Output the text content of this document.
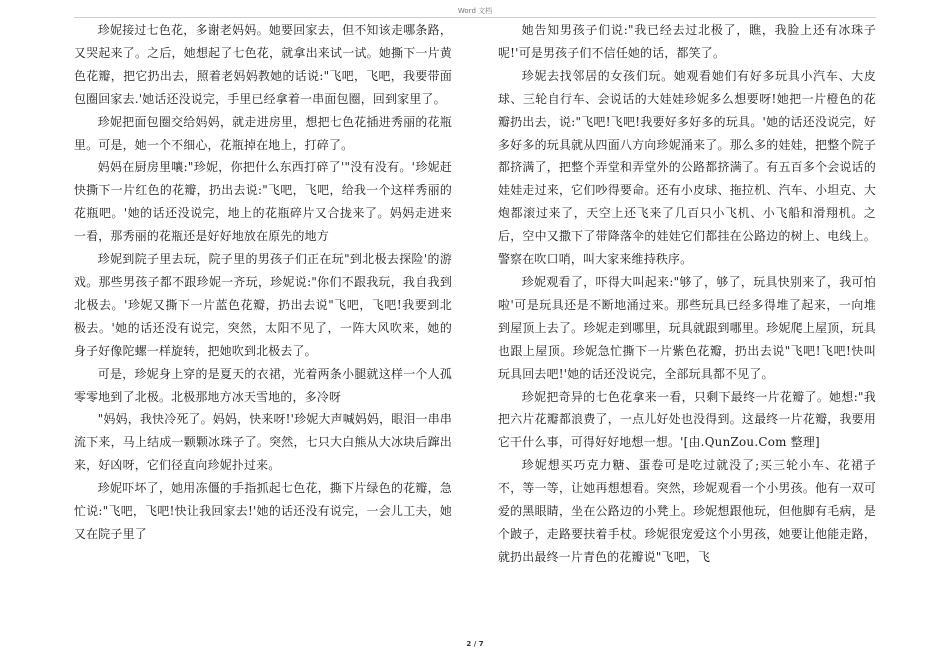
Word 文档

珍妮接过七色花，多谢老妈妈。她要回家去，但不知该走哪条路，又哭起来了。之后，她想起了七色花，就拿出来试一试。她撕下一片黄色花瓣，把它扔出去，照着老妈妈教她的话说:"飞吧，飞吧，我要带面包圈回家去.'她话还没说完，手里已经拿着一串面包圈，回到家里了。

珍妮把面包圈交给妈妈，就走进房里，想把七色花插进秀丽的花瓶里。可是，她一个不细心，花瓶掉在地上，打碎了。

妈妈在厨房里嚷:"珍妮，你把什么东西打碎了'"没有没有。'珍妮赶快撕下一片红色的花瓣，扔出去说:"飞吧，飞吧，给我一个这样秀丽的花瓶吧。'她的话还没说完，地上的花瓶碎片又合拢来了。妈妈走进来一看，那秀丽的花瓶还是好好地放在原先的地方

珍妮到院子里去玩，院子里的男孩子们正在玩"到北极去探险'的游戏。那些男孩子都不跟珍妮一齐玩，珍妮说:"你们不跟我玩，我自我到北极去。'珍妮又撕下一片蓝色花瓣，扔出去说"飞吧，飞吧!我要到北极去。'她的话还没有说完，突然，太阳不见了，一阵大风吹来，她的身子好像陀螺一样旋转，把她吹到北极去了。

可是，珍妮身上穿的是夏天的衣裙，光着两条小腿就这样一个人孤零零地到了北极。北极那地方冰天雪地的，多冷呀

"妈妈，我快冷死了。妈妈，快来呀!'珍妮大声喊妈妈，眼泪一串串流下来，马上结成一颗颗冰珠子了。突然，七只大白熊从大冰块后蹿出来，好凶呀，它们径直向珍妮扑过来。

珍妮吓坏了，她用冻僵的手指抓起七色花，撕下片绿色的花瓣，急忙说:"飞吧，飞吧!快让我回家去!'她的话还没有说完，一会儿工夫，她又在院子里了

她告知男孩子们说:"我已经去过北极了，瞧，我脸上还有冰珠子呢!'可是男孩子们不信任她的话，都笑了。

珍妮去找邻居的女孩们玩。她观看她们有好多玩具小汽车、大皮球、三轮自行车、会说话的大娃娃珍妮多么想要呀!她把一片橙色的花瓣扔出去，说:"飞吧!飞吧!我要好多好多的玩具。'她的话还没说完，好多好多的玩具就从四面八方向珍妮涌来了。那么多的娃娃，把整个院子都挤满了，把整个弄堂和弄堂外的公路都挤满了。有五百多个会说话的娃娃走过来，它们吵得要命。还有小皮球、拖拉机、汽车、小坦克、大炮都滚过来了，天空上还飞来了几百只小飞机、小飞船和滑翔机。之后，空中又撒下了带降落伞的娃娃它们都挂在公路边的树上、电线上。警察在吹口哨，叫大家来维持秩序。

珍妮观看了，吓得大叫起来:"够了，够了，玩具快别来了，我可怕啦'可是玩具还是不断地涌过来。那些玩具已经多得堆了起来，一向堆到屋顶上去了。珍妮走到哪里，玩具就跟到哪里。珍妮爬上屋顶，玩具也跟上屋顶。珍妮急忙撕下一片紫色花瓣，扔出去说"飞吧!飞吧!快叫玩具回去吧!'她的话还没说完，全部玩具都不见了。

珍妮把奇异的七色花拿来一看，只剩下最终一片花瓣了。她想:"我把六片花瓣都浪费了，一点儿好处也没得到。这最终一片花瓣，我要用它干什么事，可得好好地想一想。'[由.QunZou.Com 整理]

珍妮想买巧克力糖、蛋卷可是吃过就没了;买三轮小车、花裙子不，等一等，让她再想想看。突然，珍妮观看一个小男孩。他有一双可爱的黑眼睛，坐在公路边的小凳上。珍妮想跟他玩，但他脚有毛病，是个跛子，走路要扶着手杖。珍妮很宠爱这个小男孩，她要让他能走路，就扔出最终一片青色的花瓣说"飞吧，飞

2 / 7
